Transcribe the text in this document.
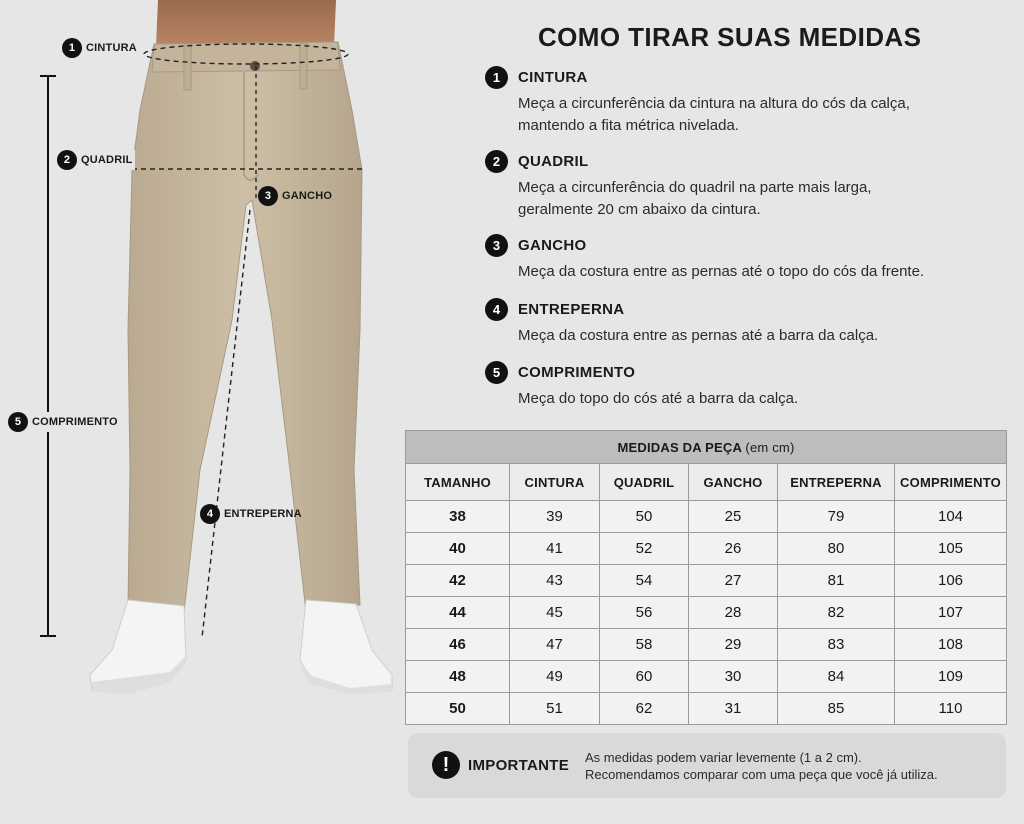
1 CINTURA
2 QUADRIL
3 GANCHO
4 ENTREPERNA
5 COMPRIMENTO
COMO TIRAR SUAS MEDIDAS
1	CINTURA
Meça a circunferência da cintura na altura do cós da calça, mantendo a fita métrica nivelada.
2	QUADRIL
Meça a circunferência do quadril na parte mais larga, geralmente 20 cm abaixo da cintura.
3	GANCHO
Meça da costura entre as pernas até o topo do cós da frente.
4	ENTREPERNA
Meça da costura entre as pernas até a barra da calça.
5	COMPRIMENTO
Meça do topo do cós até a barra da calça.
MEDIDAS DA PEÇA (em cm)					
TAMANHO	CINTURA	QUADRIL	GANCHO	ENTREPERNA	COMPRIMENTO
38	39	50	25	79	104
40	41	52	26	80	105
42	43	54	27	81	106
44	45	56	28	82	107
46	47	58	29	83	108
48	49	60	30	84	109
50	51	62	31	85	110
!	IMPORTANTE As medidas podem variar levemente (1 a 2 cm).
Recomendamos comparar com uma peça que você já utiliza.
